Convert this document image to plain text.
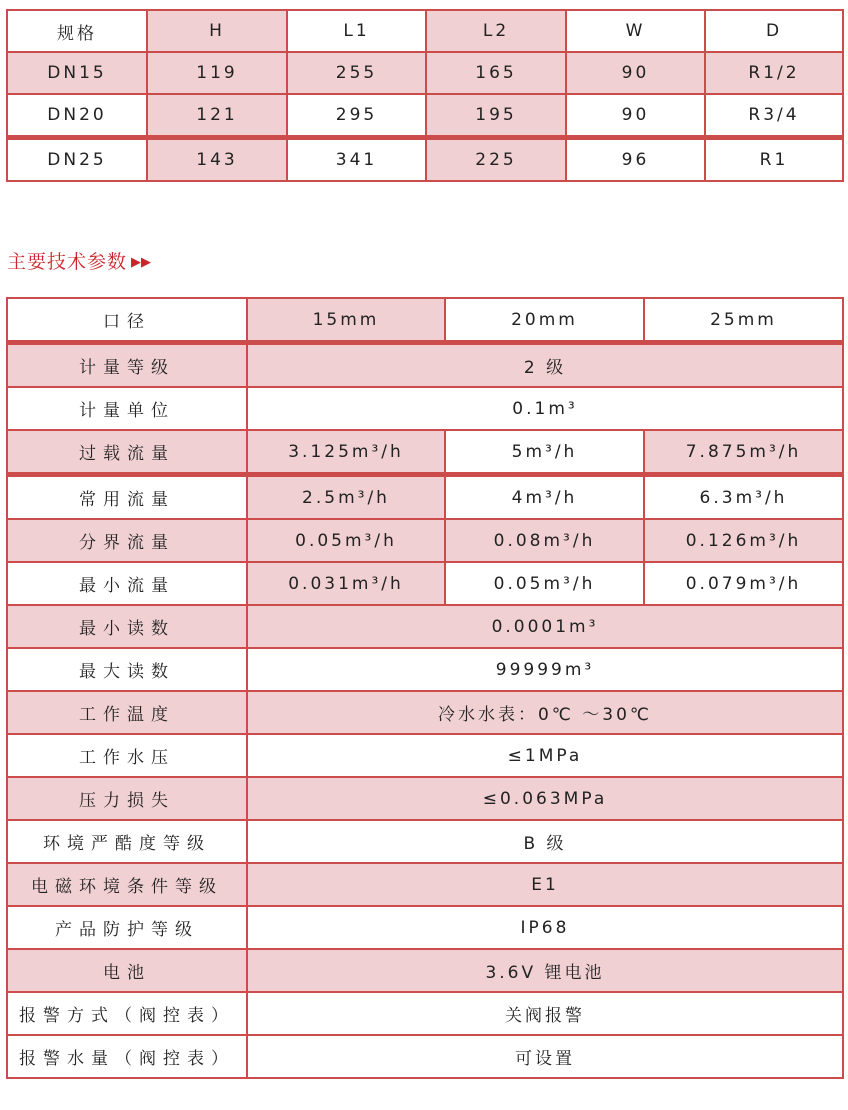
规格	H	L1	L2	W	D
DN15	119	255	165	90	R1/2
DN20	121	295	195	90	R3/4
DN25	143	341	225	96	R1
主要技术参数 ▶▶
口径	15mm	20mm	25mm
计量等级	2 级		
计量单位	0.1m³		
过载流量	3.125m³/h	5m³/h	7.875m³/h
常用流量	2.5m³/h	4m³/h	6.3m³/h
分界流量	0.05m³/h	0.08m³/h	0.126m³/h
最小流量	0.031m³/h	0.05m³/h	0.079m³/h
最小读数	0.0001m³		
最大读数	99999m³		
工作温度	冷水水表：0℃ ～30℃		
工作水压	≤1MPa		
压力损失	≤0.063MPa		
环境严酷度等级	B 级		
电磁环境条件等级	E1		
产品防护等级	IP68		
电池	3.6V 锂电池		
报警方式（阀控表）	关阀报警		
报警水量（阀控表）	可设置		
